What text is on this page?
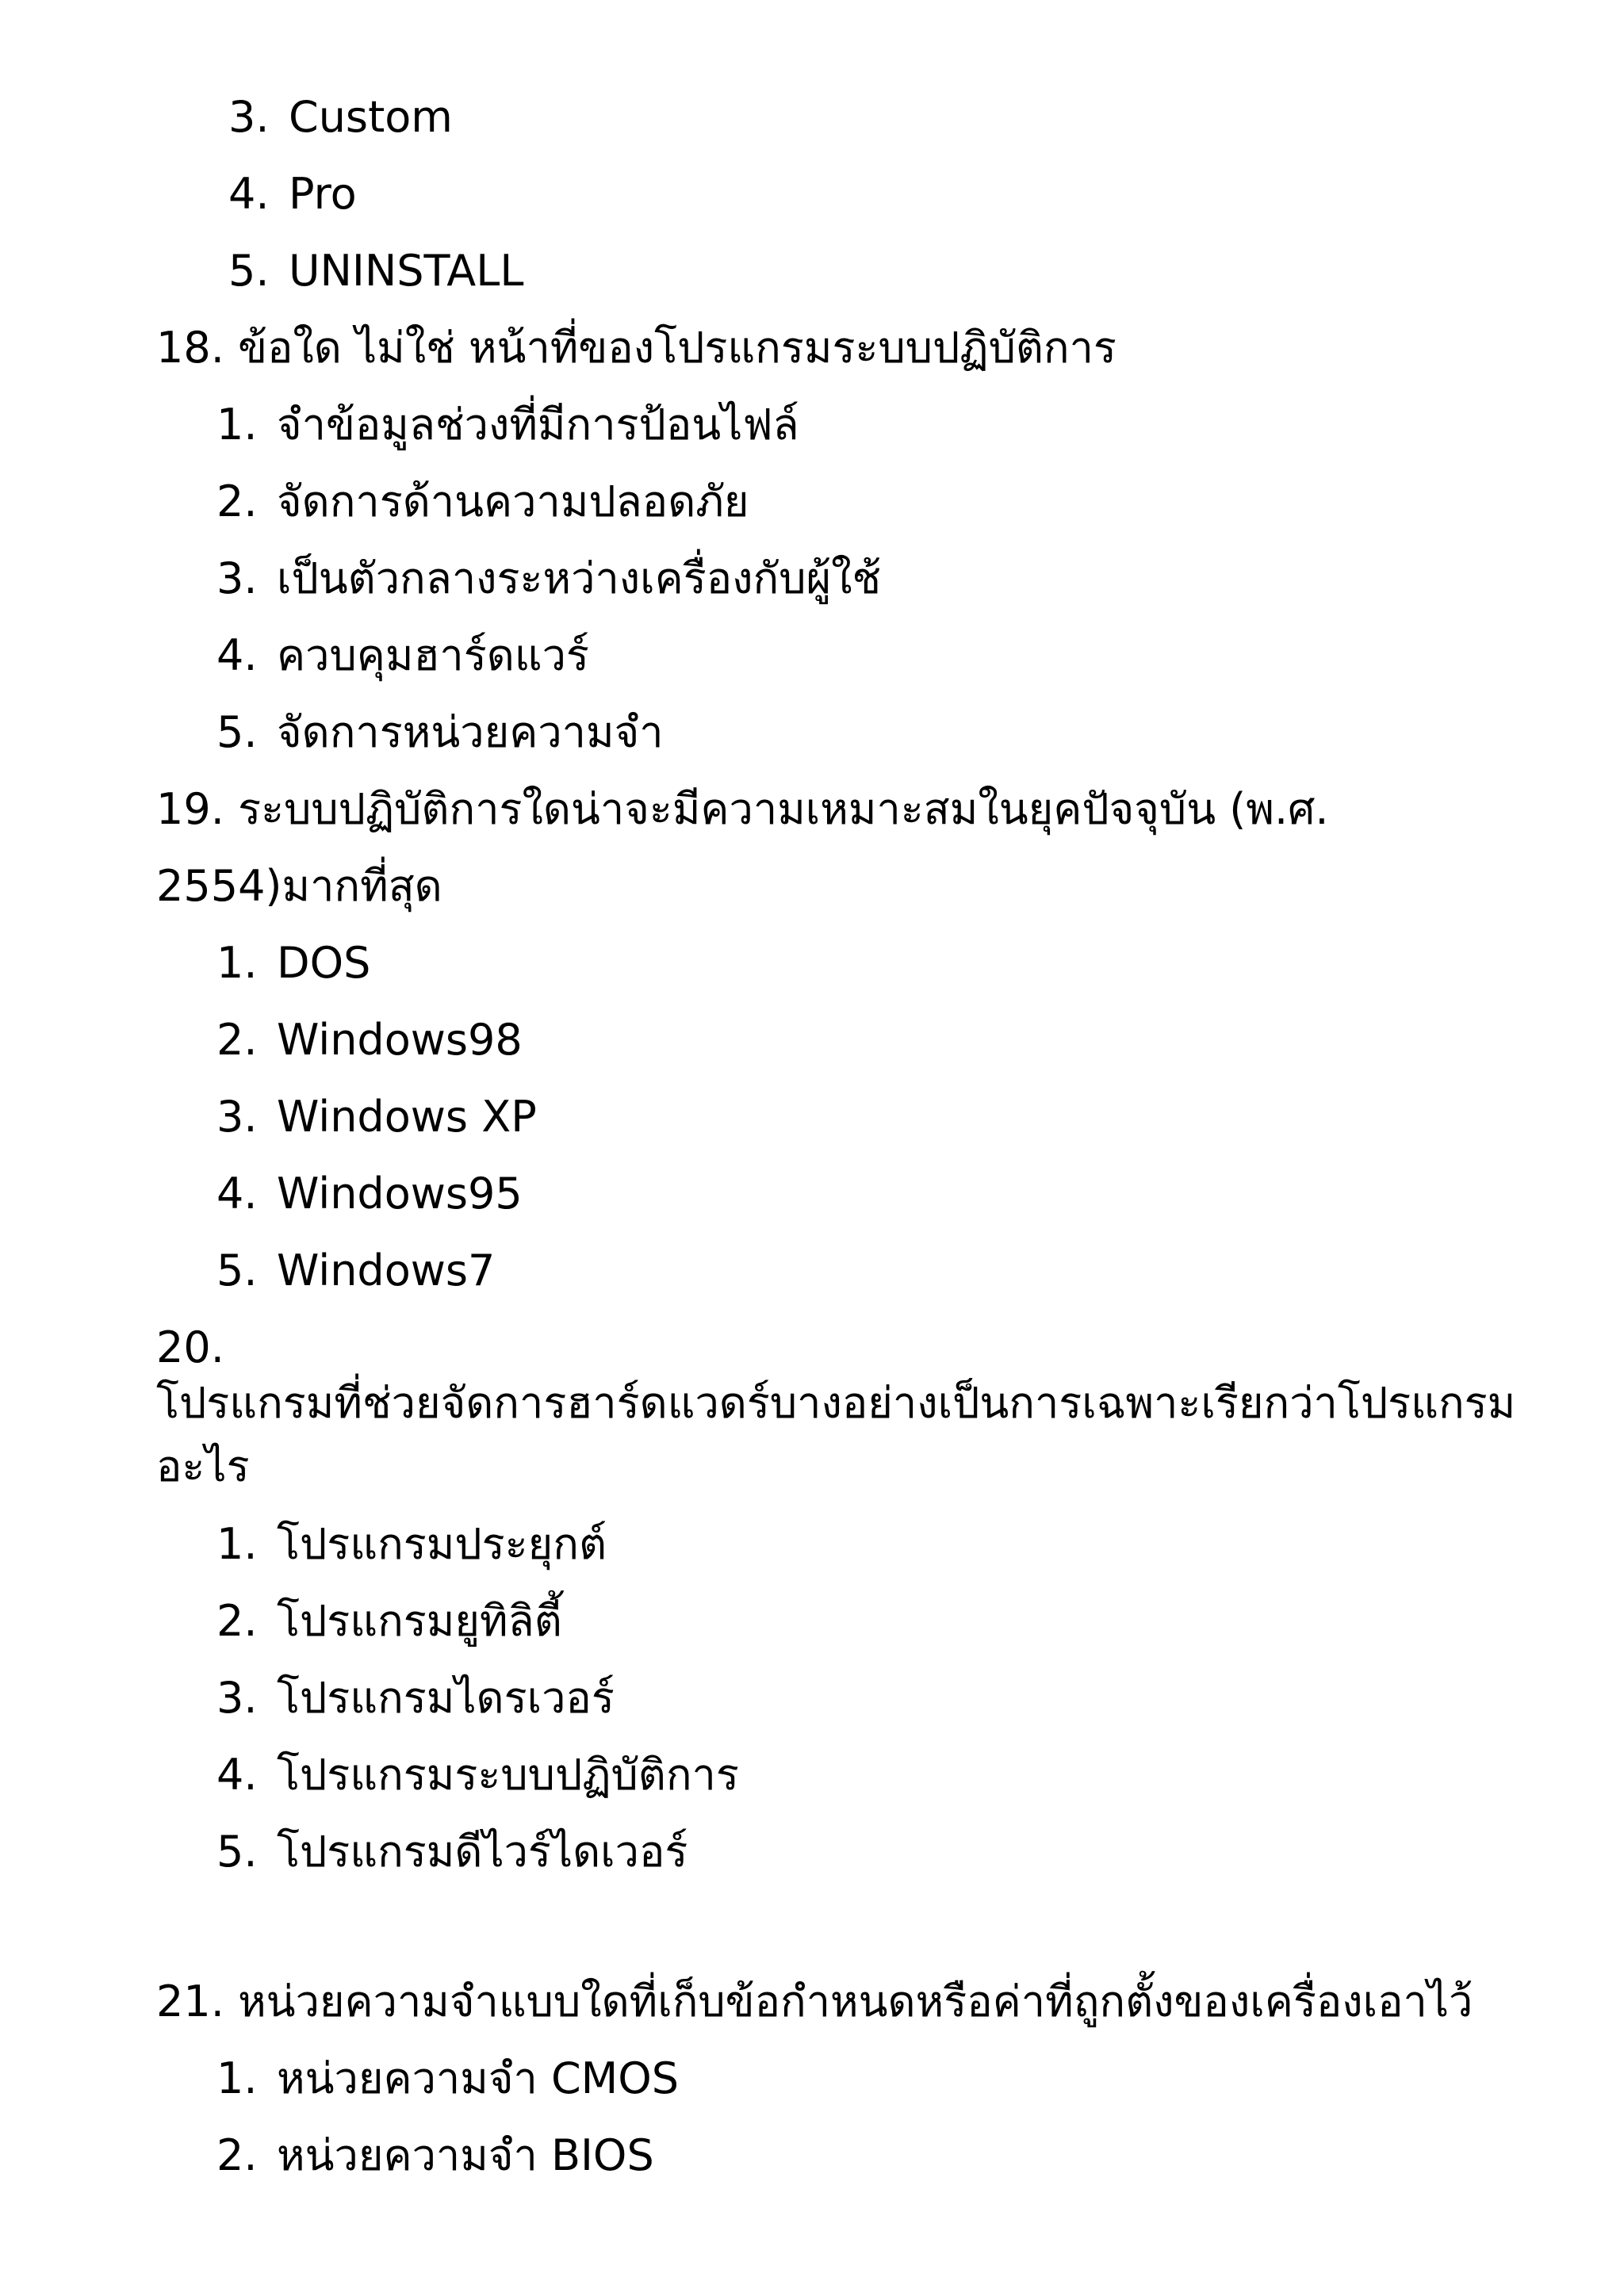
3. Custom
4. Pro
5. UNINSTALL
18. ข้อใด ไม่ใช่ หน้าที่ของโปรแกรมระบบปฏิบัติการ
1. จำข้อมูลช่วงที่มีการป้อนไฟล์
2. จัดการด้านความปลอดภัย
3. เป็นตัวกลางระหว่างเครื่องกับผู้ใช้
4. ควบคุมฮาร์ดแวร์
5. จัดการหน่วยความจำ
19. ระบบปฏิบัติการใดน่าจะมีความเหมาะสมในยุคปัจจุบัน (พ.ศ.
2554)มากที่สุด
1. DOS
2. Windows98
3. Windows XP
4. Windows95
5. Windows7
20.
โปรแกรมที่ช่วยจัดการฮาร์ดแวดร์บางอย่างเป็นการเฉพาะเรียกว่าโปรแกรม
อะไร
1. โปรแกรมประยุกต์
2. โปรแกรมยูทิลิตี้
3. โปรแกรมไดรเวอร์
4. โปรแกรมระบบปฏิบัติการ
5. โปรแกรมดีไวร์ไดเวอร์
21. หน่วยความจำแบบใดที่เก็บข้อกำหนดหรือค่าที่ถูกตั้งของเครื่องเอาไว้
1. หน่วยความจำ CMOS
2. หน่วยความจำ BIOS
